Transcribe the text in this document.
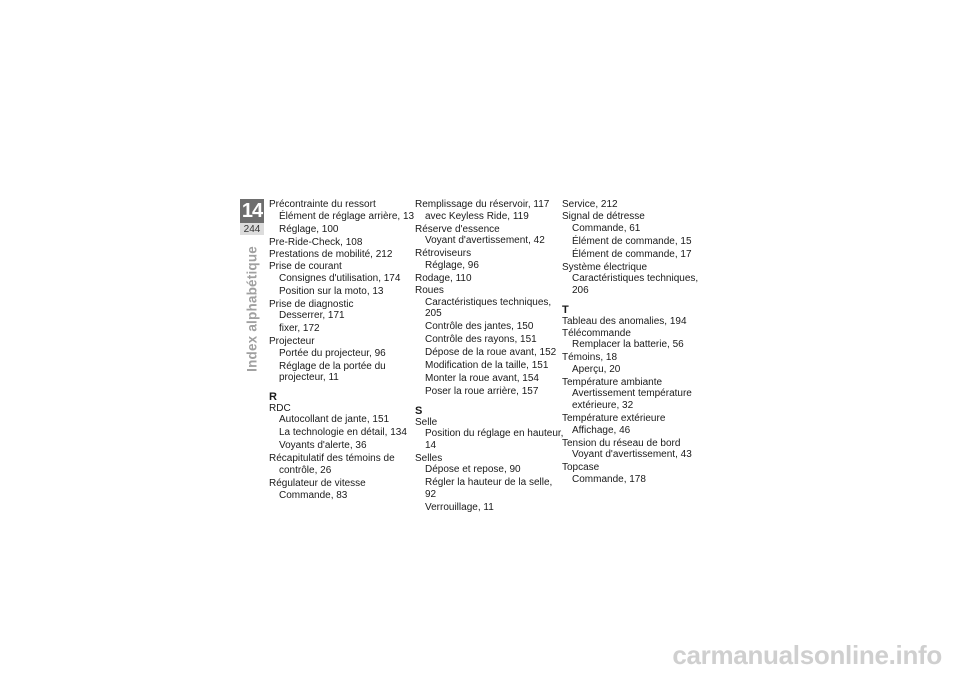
14
244
Index alphabétique
Précontrainte du ressort
Élément de réglage arrière, 13
Réglage, 100
Pre-Ride-Check, 108
Prestations de mobilité, 212
Prise de courant
Consignes d'utilisation, 174
Position sur la moto, 13
Prise de diagnostic
Desserrer, 171
fixer, 172
Projecteur
Portée du projecteur, 96
Réglage de la portée du projecteur, 11
R
RDC
Autocollant de jante, 151
La technologie en détail, 134
Voyants d'alerte, 36
Récapitulatif des témoins de
contrôle, 26
Régulateur de vitesse
Commande, 83
Remplissage du réservoir, 117
avec Keyless Ride, 119
Réserve d'essence
Voyant d'avertissement, 42
Rétroviseurs
Réglage, 96
Rodage, 110
Roues
Caractéristiques techniques, 205
Contrôle des jantes, 150
Contrôle des rayons, 151
Dépose de la roue avant, 152
Modification de la taille, 151
Monter la roue avant, 154
Poser la roue arrière, 157
S
Selle
Position du réglage en hauteur, 14
Selles
Dépose et repose, 90
Régler la hauteur de la selle, 92
Verrouillage, 11
Service, 212
Signal de détresse
Commande, 61
Élément de commande, 15
Élément de commande, 17
Système électrique
Caractéristiques techniques, 206
T
Tableau des anomalies, 194
Télécommande
Remplacer la batterie, 56
Témoins, 18
Aperçu, 20
Température ambiante
Avertissement température extérieure, 32
Température extérieure
Affichage, 46
Tension du réseau de bord
Voyant d'avertissement, 43
Topcase
Commande, 178
carmanualsonline.info
